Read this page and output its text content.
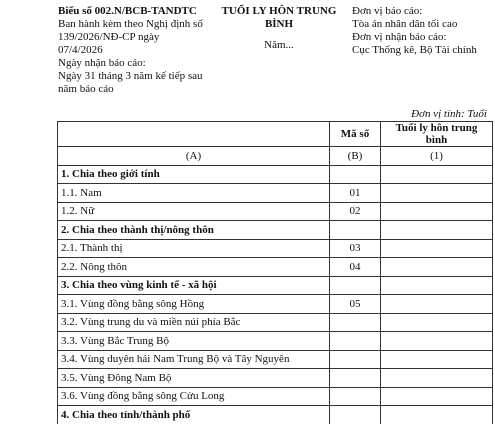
Biểu số 002.N/BCB-TANDTC
Ban hành kèm theo Nghị định số 139/2026/NĐ-CP ngày 07/4/2026
Ngày nhận báo cáo:
Ngày 31 tháng 3 năm kế tiếp sau năm báo cáo
TUỔI LY HÔN TRUNG BÌNH
Năm...
Đơn vị báo cáo:
Tòa án nhân dân tối cao
Đơn vị nhận báo cáo:
Cục Thống kê, Bộ Tài chính
Đơn vị tính: Tuổi
	Mã số	Tuổi ly hôn trung bình
(A)	(B)	(1)
1. Chia theo giới tính		
1.1. Nam	01	
1.2. Nữ	02	
2. Chia theo thành thị/nông thôn		
2.1. Thành thị	03	
2.2. Nông thôn	04	
3. Chia theo vùng kinh tế - xã hội		
3.1. Vùng đồng bằng sông Hồng	05	
3.2. Vùng trung du và miền núi phía Bắc		
3.3. Vùng Bắc Trung Bộ		
3.4. Vùng duyên hải Nam Trung Bộ và Tây Nguyên		
3.5. Vùng Đông Nam Bộ		
3.6. Vùng đồng bằng sông Cửu Long		
4. Chia theo tỉnh/thành phố		
